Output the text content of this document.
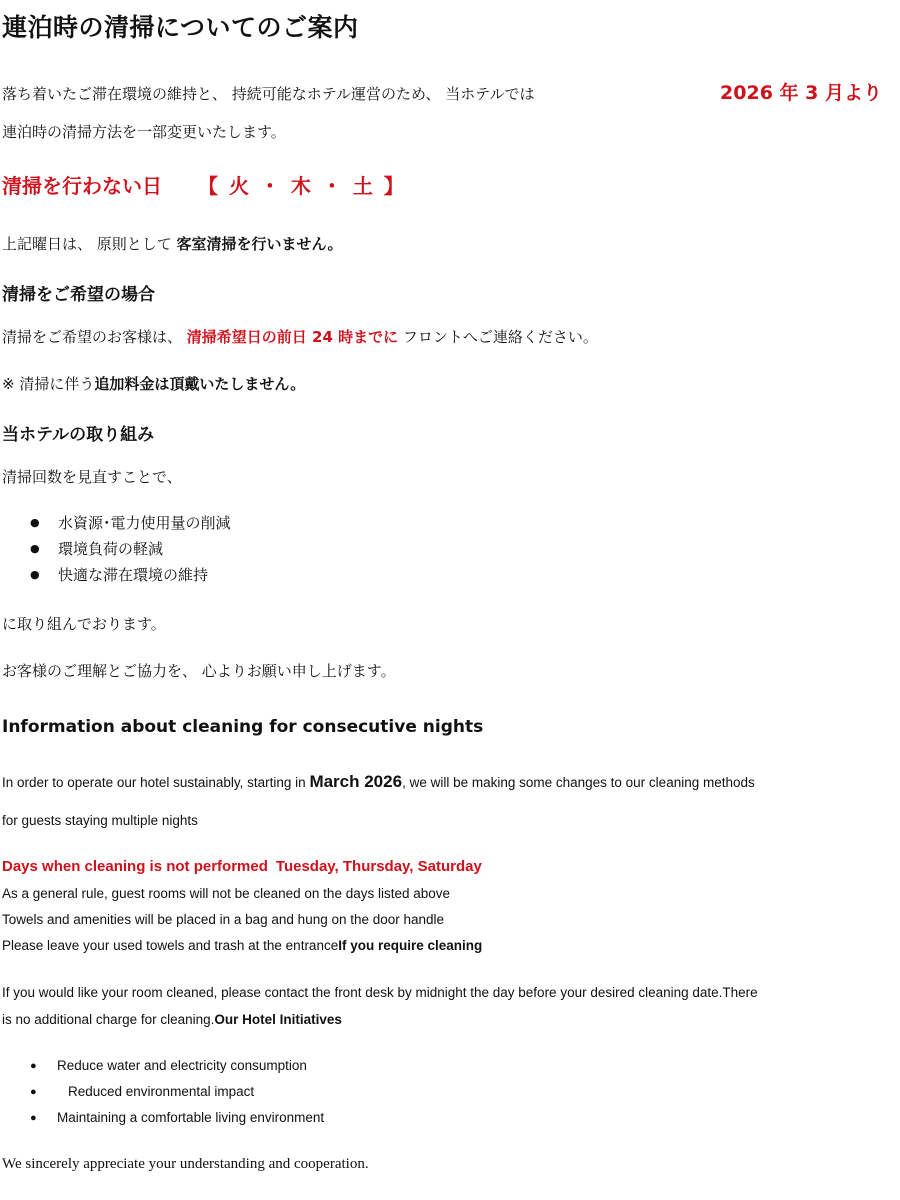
連泊時の清掃についてのご案内
落ち着いたご滞在環境の維持と、 持続可能なホテル運営のため、 当ホテルでは	2026 年 3 月より
連泊時の清掃方法を一部変更いたします。
清掃を行わない日 【 火 ・ 木 ・ 土 】
上記曜日は、 原則として 客室清掃を行いません。
清掃をご希望の場合
清掃をご希望のお客様は、 清掃希望日の前日 24 時までに フロントへご連絡ください。
※ 清掃に伴う追加料金は頂戴いたしません。
当ホテルの取り組み
清掃回数を見直すことで、
● 水資源･電力使用量の削減
● 環境負荷の軽減
● 快適な滞在環境の維持
に取り組んでおります。
お客様のご理解とご協力を、 心よりお願い申し上げます。
Information about cleaning for consecutive nights
In order to operate our hotel sustainably, starting in March 2026, we will be making some changes to our cleaning methods
for guests staying multiple nights
Days when cleaning is not performed Tuesday, Thursday, Saturday
As a general rule, guest rooms will not be cleaned on the days listed above
Towels and amenities will be placed in a bag and hung on the door handle
Please leave your used towels and trash at the entranceIf you require cleaning
If you would like your room cleaned, please contact the front desk by midnight the day before your desired cleaning date.There
is no additional charge for cleaning.Our Hotel Initiatives
● Reduce water and electricity consumption
● Reduced environmental impact
● Maintaining a comfortable living environment
We sincerely appreciate your understanding and cooperation.
